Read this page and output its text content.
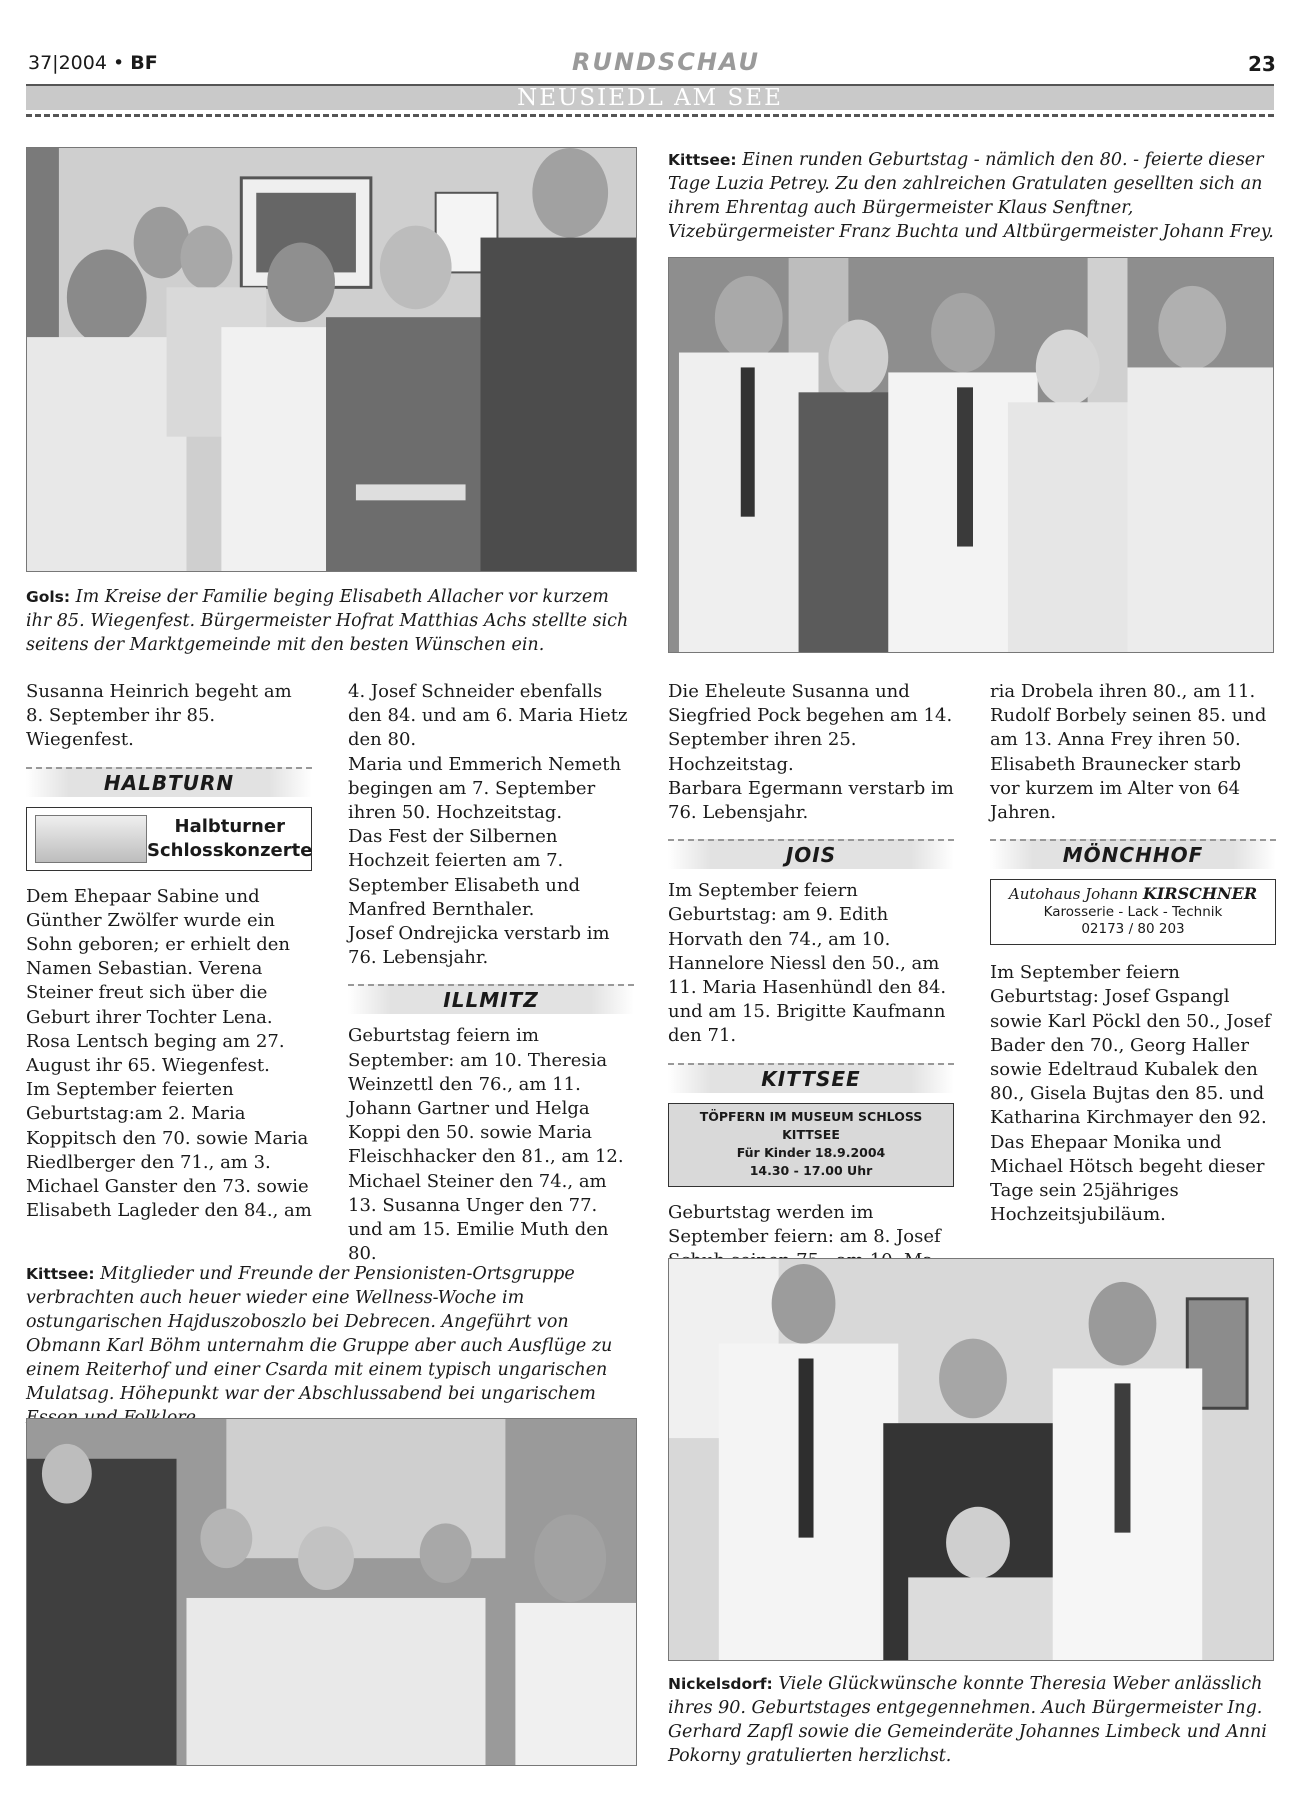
37|2004 • BF	RUNDSCHAU	23
NEUSIEDL AM SEE
Kittsee: Einen runden Geburtstag - nämlich den 80. - feierte dieser Tage Luzia Petrey. Zu den zahlreichen Gratulaten gesellten sich an ihrem Ehrentag auch Bürgermeister Klaus Senftner, Vizebürgermeister Franz Buchta und Altbürgermeister Johann Frey.
Gols: Im Kreise der Familie beging Elisabeth Allacher vor kurzem ihr 85. Wiegenfest. Bürgermeister Hofrat Matthias Achs stellte sich seitens der Marktgemeinde mit den besten Wünschen ein.

Susanna Heinrich begeht am 8. September ihr 85. Wiegenfest.

HALBTURN
Halbturner
Schlosskonzerte

Dem Ehepaar Sabine und Günther Zwölfer wurde ein Sohn geboren; er erhielt den Namen Sebastian. Verena Steiner freut sich über die Geburt ihrer Tochter Lena.

Rosa Lentsch beging am 27. August ihr 65. Wiegenfest.

Im September feierten Geburtstag:am 2. Maria Koppitsch den 70. sowie Maria Riedlberger den 71., am 3. Michael Ganster den 73. sowie Elisabeth Lagleder den 84., am

4. Josef Schneider ebenfalls den 84. und am 6. Maria Hietz den 80.

Maria und Emmerich Nemeth begingen am 7. September ihren 50. Hochzeitstag.

Das Fest der Silbernen Hochzeit feierten am 7. September Elisabeth und Manfred Bernthaler.

Josef Ondrejicka verstarb im 76. Lebensjahr.

ILLMITZ

Geburtstag feiern im September: am 10. Theresia Weinzettl den 76., am 11. Johann Gartner und Helga Koppi den 50. sowie Maria Fleischhacker den 81., am 12. Michael Steiner den 74., am 13. Susanna Unger den 77. und am 15. Emilie Muth den 80.

Die Eheleute Susanna und Siegfried Pock begehen am 14. September ihren 25. Hochzeitstag.

Barbara Egermann verstarb im 76. Lebensjahr.

JOIS

Im September feiern Geburtstag: am 9. Edith Horvath den 74., am 10. Hannelore Niessl den 50., am 11. Maria Hasenhündl den 84. und am 15. Brigitte Kaufmann den 71.

KITTSEE
TÖPFERN IM MUSEUM SCHLOSS KITTSEE
Für Kinder 18.9.2004
14.30 - 17.00 Uhr

Geburtstag werden im September feiern: am 8. Josef

ria Drobela ihren 80., am 11. Rudolf Borbely seinen 85. und am 13. Anna Frey ihren 50.

Elisabeth Braunecker starb vor kurzem im Alter von 64 Jahren.

MÖNCHHOF
Autohaus Johann KIRSCHNER
Karosserie - Lack - Technik
02173 / 80 203

Im September feiern Geburtstag: Josef Gspangl sowie Karl Pöckl den 50., Josef Bader den 70., Georg Haller sowie Edeltraud Kubalek den 80., Gisela Bujtas den 85. und Katharina Kirchmayer den 92.

Das Ehepaar Monika und Michael Hötsch begeht dieser Tage sein 25jähriges Hochzeitsjubiläum.

Kittsee: Mitglieder und Freunde der Pensionisten-Ortsgruppe verbrachten auch heuer wieder eine Wellness-Woche im ostungarischen Hajduszoboszlo bei Debrecen. Angeführt von Obmann Karl Böhm unternahm die Gruppe aber auch Ausflüge zu einem Reiterhof und einer Csarda mit einem typisch ungarischen Mulatsag. Höhepunkt war der Abschlussabend bei ungarischem
Nickelsdorf: Viele Glückwünsche konnte Theresia Weber anlässlich ihres 90. Geburtstages entgegennehmen. Auch Bürgermeister Ing. Gerhard Zapfl sowie die Gemeinderäte Johannes Limbeck und Anni Pokorny gratulierten herzlichst.
